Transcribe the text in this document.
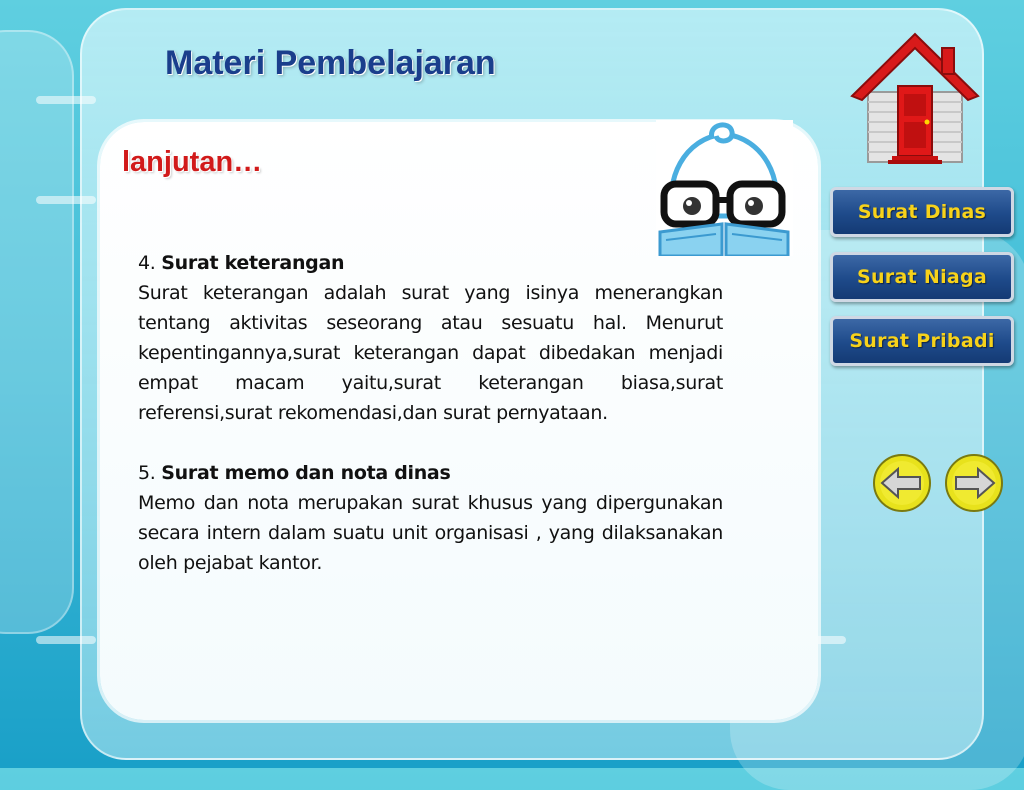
Materi Pembelajaran
lanjutan…

4. Surat keterangan

Surat keterangan adalah surat yang isinya menerangkan tentang aktivitas seseorang atau sesuatu hal. Menurut kepentingannya,surat keterangan dapat dibedakan menjadi empat macam yaitu,surat keterangan biasa,surat referensi,surat rekomendasi,dan surat pernyataan.

5. Surat memo dan nota dinas

Memo dan nota merupakan surat khusus yang dipergunakan secara intern dalam suatu unit organisasi , yang dilaksanakan oleh pejabat kantor.

Surat Dinas
Surat Niaga
Surat Pribadi
